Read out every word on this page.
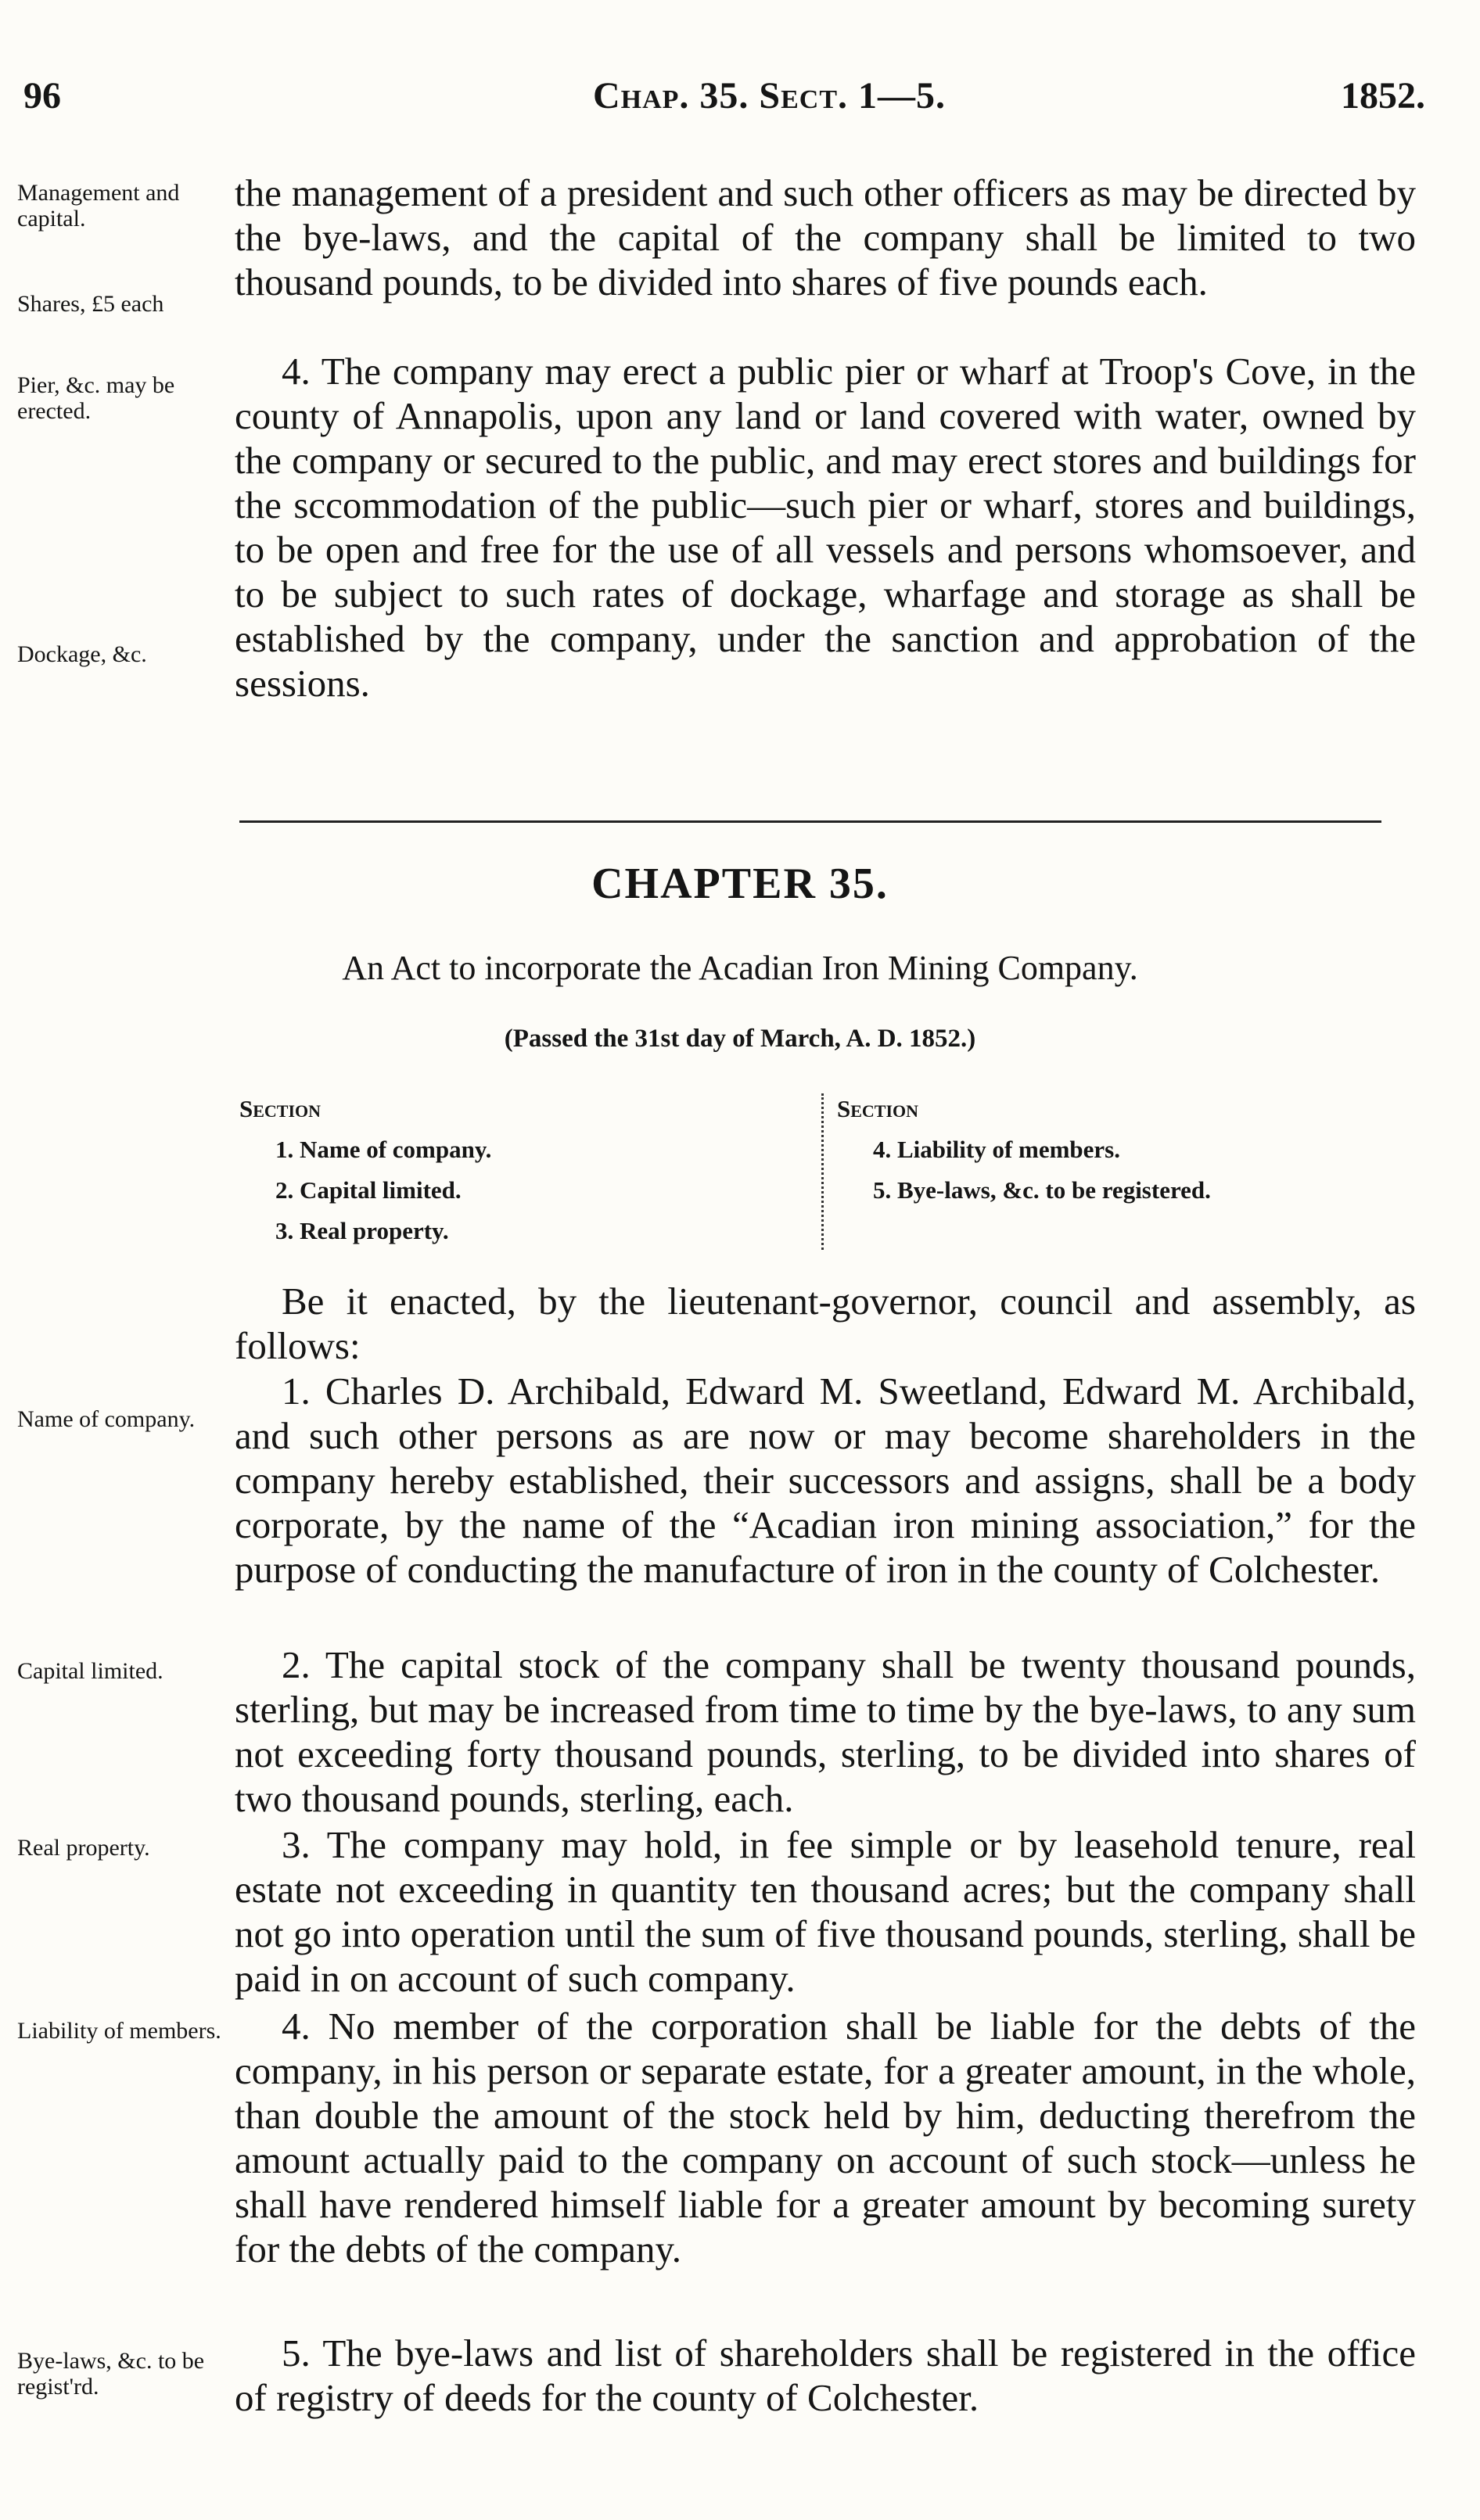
96	Chap. 35. Sect. 1—5.	1852.
Management and capital.
Shares, £5 each
Pier, &c. may be erected.
Dockage, &c.

the management of a president and such other officers as may be directed by the bye-laws, and the capital of the company shall be limited to two thousand pounds, to be divided into shares of five pounds each.

4. The company may erect a public pier or wharf at Troop's Cove, in the county of Annapolis, upon any land or land covered with water, owned by the company or secured to the public, and may erect stores and buildings for the sccommodation of the public—such pier or wharf, stores and buildings, to be open and free for the use of all vessels and persons whomsoever, and to be subject to such rates of dockage, wharfage and storage as shall be established by the company, under the sanction and approbation of the sessions.

CHAPTER 35.
An Act to incorporate the Acadian Iron Mining Company.
(Passed the 31st day of March, A. D. 1852.)
Section
1. Name of company.
2. Capital limited.
3. Real property.
Section
4. Liability of members.
5. Bye-laws, &c. to be registered.

Be it enacted, by the lieutenant-governor, council and assembly, as follows:

Name of company.

1. Charles D. Archibald, Edward M. Sweetland, Edward M. Archibald, and such other persons as are now or may become shareholders in the company hereby established, their successors and assigns, shall be a body corporate, by the name of the “Acadian iron mining association,” for the purpose of conducting the manufacture of iron in the county of Colchester.

Capital limited.	2. The capital stock of the company shall be twenty thousand pounds, sterling, but may be increased from time to time by the bye-laws, to any sum not exceeding forty thousand pounds, sterling, to be divided into shares of two thousand pounds, sterling, each.

Real property.	3. The company may hold, in fee simple or by leasehold tenure, real estate not exceeding in quantity ten thousand acres; but the company shall not go into operation until the sum of five thousand pounds, sterling, shall be paid in on account of such company.

Liability of members.	4. No member of the corporation shall be liable for the debts of the company, in his person or separate estate, for a greater amount, in the whole, than double the amount of the stock held by him, deducting therefrom the amount actually paid to the company on account of such stock—unless he shall have rendered himself liable for a greater amount by becoming surety for the debts of the company.

Bye-laws, &c. to be regist'rd.

5. The bye-laws and list of shareholders shall be registered in the office of registry of deeds for the county of Colchester.
